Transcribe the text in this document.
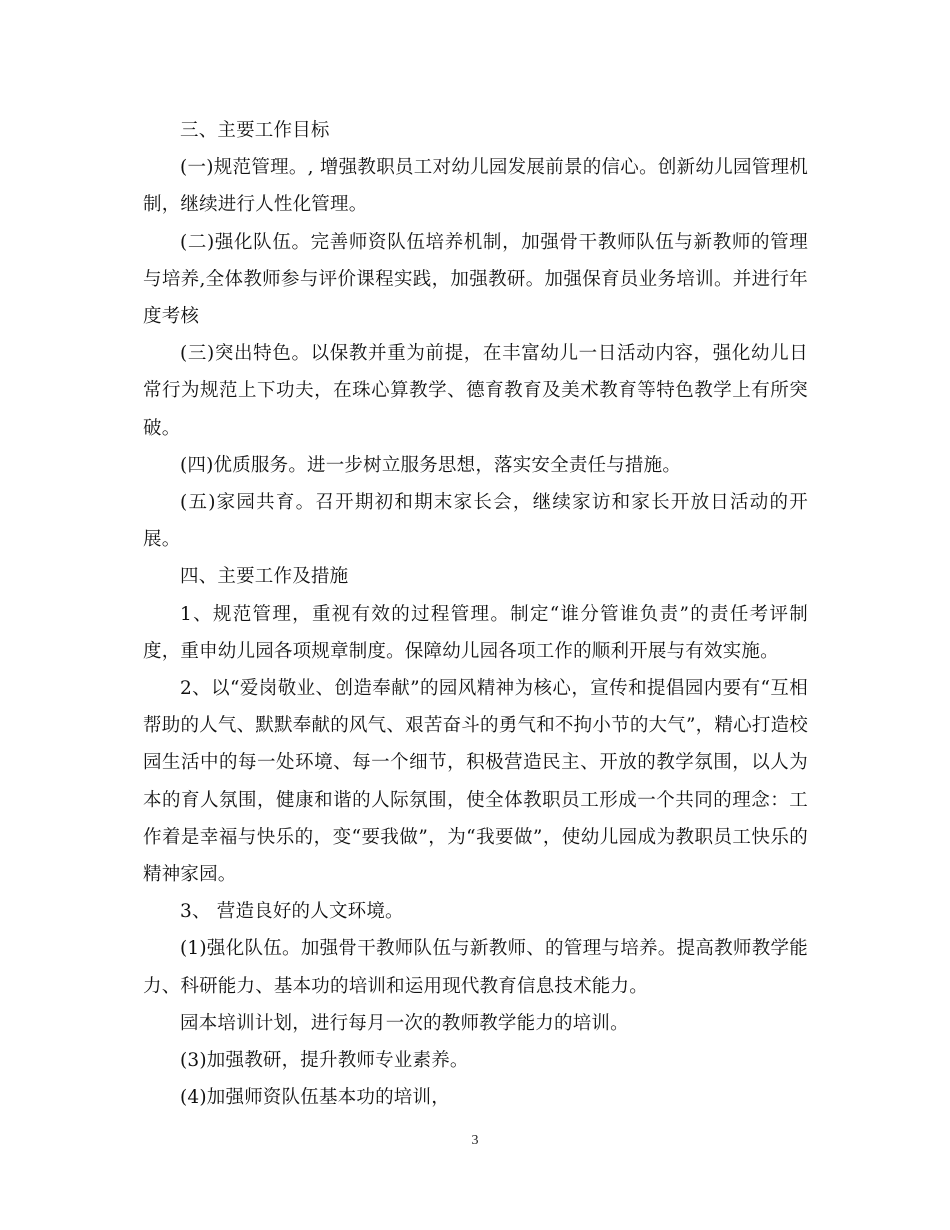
三、主要工作目标

(一)规范管理。, 增强教职员工对幼儿园发展前景的信心。创新幼儿园管理机制，继续进行人性化管理。

(二)强化队伍。完善师资队伍培养机制，加强骨干教师队伍与新教师的管理与培养,全体教师参与评价课程实践，加强教研。加强保育员业务培训。并进行年度考核

(三)突出特色。以保教并重为前提，在丰富幼儿一日活动内容，强化幼儿日常行为规范上下功夫，在珠心算教学、德育教育及美术教育等特色教学上有所突破。

(四)优质服务。进一步树立服务思想，落实安全责任与措施。

(五)家园共育。召开期初和期末家长会，继续家访和家长开放日活动的开展。

四、主要工作及措施

1、规范管理，重视有效的过程管理。制定“谁分管谁负责”的责任考评制度，重申幼儿园各项规章制度。保障幼儿园各项工作的顺利开展与有效实施。

2、以“爱岗敬业、创造奉献”的园风精神为核心，宣传和提倡园内要有“互相帮助的人气、默默奉献的风气、艰苦奋斗的勇气和不拘小节的大气”，精心打造校园生活中的每一处环境、每一个细节，积极营造民主、开放的教学氛围，以人为本的育人氛围，健康和谐的人际氛围，使全体教职员工形成一个共同的理念：工作着是幸福与快乐的，变“要我做”，为“我要做”，使幼儿园成为教职员工快乐的精神家园。

3、 营造良好的人文环境。

(1)强化队伍。加强骨干教师队伍与新教师、的管理与培养。提高教师教学能力、科研能力、基本功的培训和运用现代教育信息技术能力。

园本培训计划，进行每月一次的教师教学能力的培训。

(3)加强教研，提升教师专业素养。

(4)加强师资队伍基本功的培训，

3
